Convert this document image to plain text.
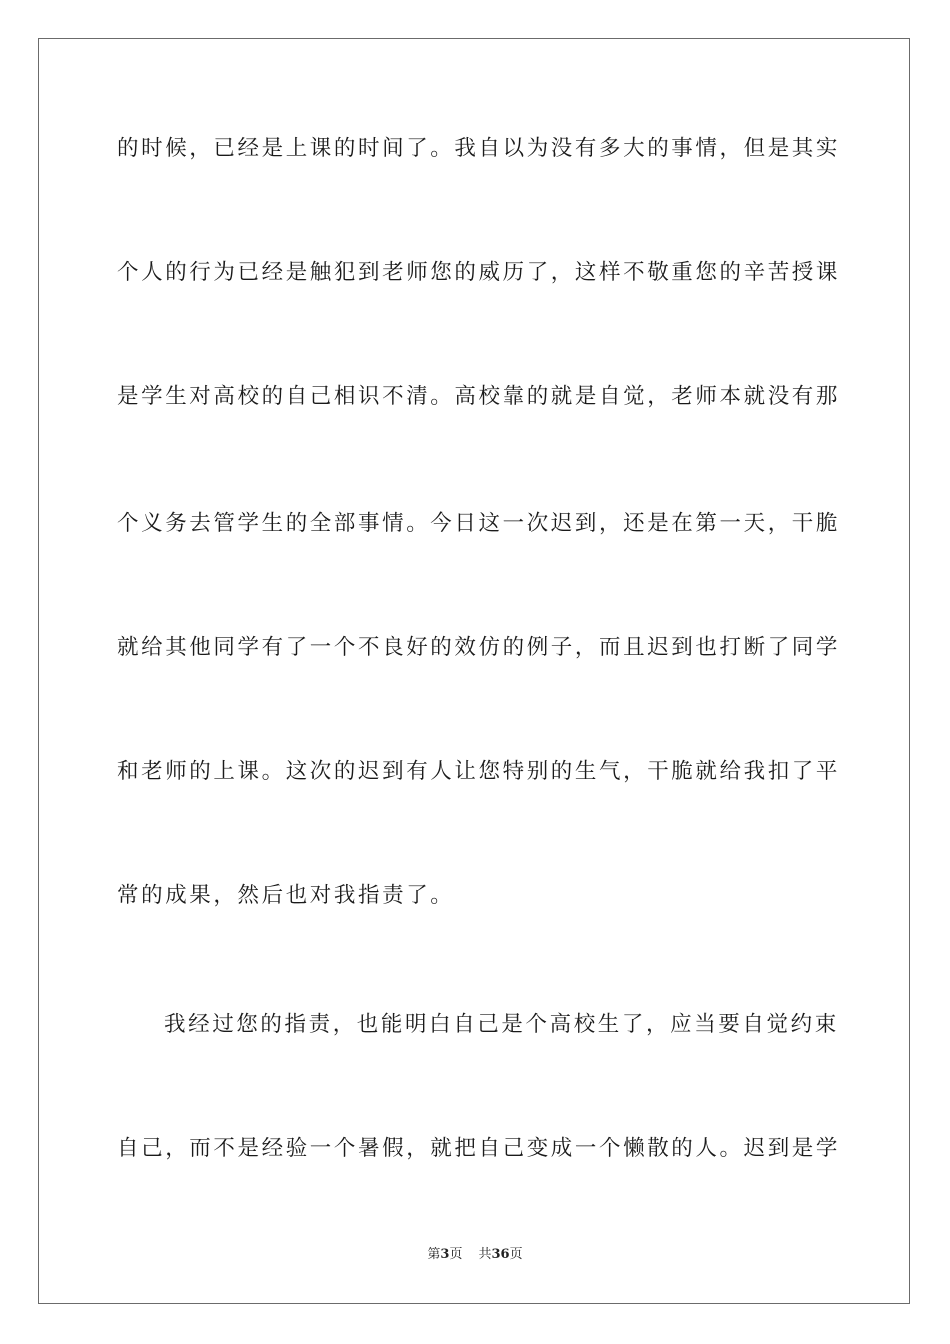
的时候，已经是上课的时间了。我自以为没有多大的事情，但是其实
个人的行为已经是触犯到老师您的威历了，这样不敬重您的辛苦授课
是学生对高校的自己相识不清。高校靠的就是自觉，老师本就没有那
个义务去管学生的全部事情。今日这一次迟到，还是在第一天，干脆
就给其他同学有了一个不良好的效仿的例子，而且迟到也打断了同学
和老师的上课。这次的迟到有人让您特别的生气，干脆就给我扣了平
常的成果，然后也对我指责了。
我经过您的指责，也能明白自己是个高校生了，应当要自觉约束
自己，而不是经验一个暑假，就把自己变成一个懒散的人。迟到是学
第3页 共36页
